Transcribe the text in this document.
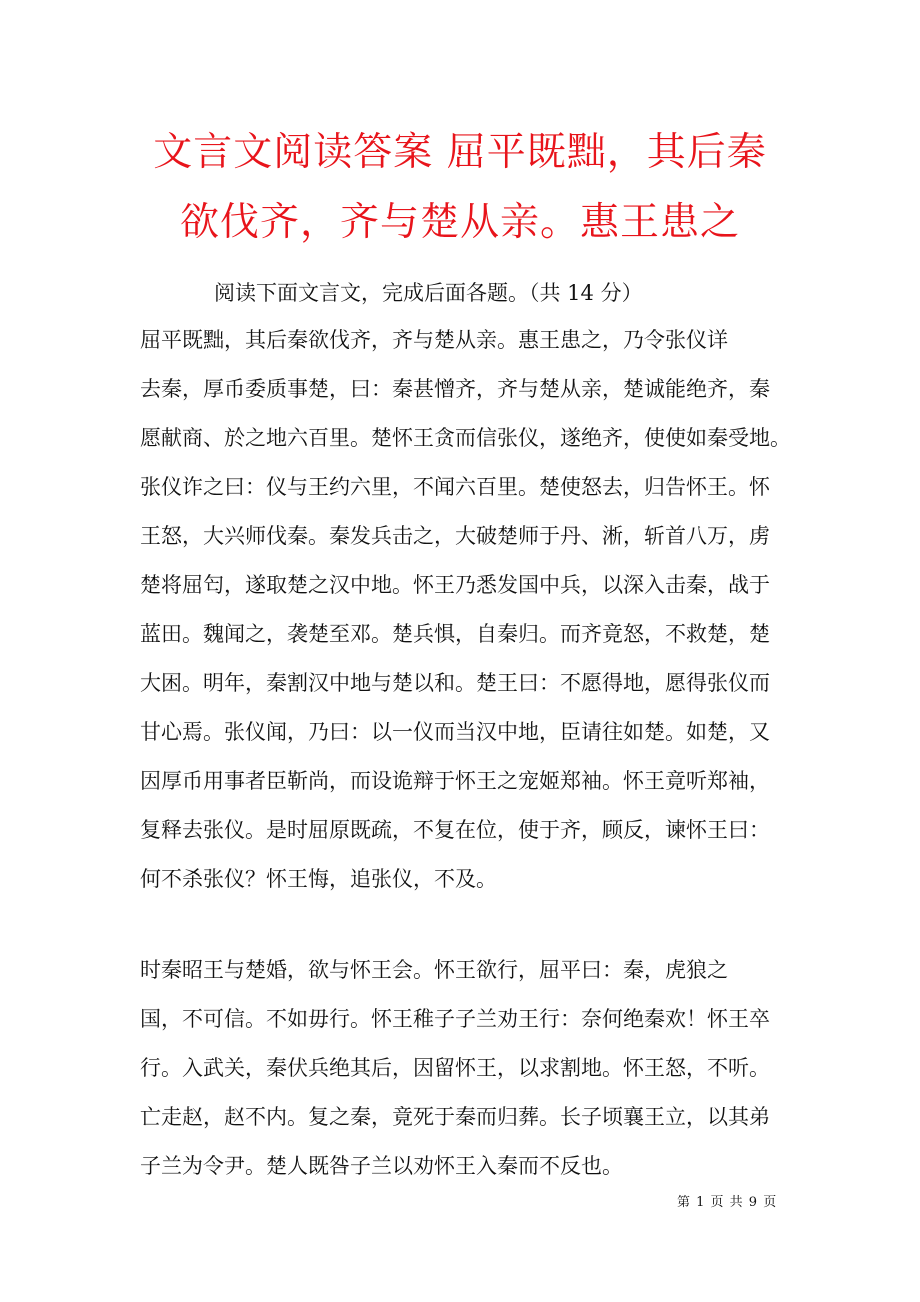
文言文阅读答案 屈平既黜，其后秦
欲伐齐，齐与楚从亲。惠王患之
阅读下面文言文，完成后面各题。（共 14 分）
屈平既黜，其后秦欲伐齐，齐与楚从亲。惠王患之，乃令张仪详
去秦，厚币委质事楚，曰：秦甚憎齐，齐与楚从亲，楚诚能绝齐，秦
愿献商、於之地六百里。楚怀王贪而信张仪，遂绝齐，使使如秦受地。
张仪诈之曰：仪与王约六里，不闻六百里。楚使怒去，归告怀王。怀
王怒，大兴师伐秦。秦发兵击之，大破楚师于丹、淅，斩首八万，虏
楚将屈匄，遂取楚之汉中地。怀王乃悉发国中兵，以深入击秦，战于
蓝田。魏闻之，袭楚至邓。楚兵惧，自秦归。而齐竟怒，不救楚，楚
大困。明年，秦割汉中地与楚以和。楚王曰：不愿得地，愿得张仪而
甘心焉。张仪闻，乃曰：以一仪而当汉中地，臣请往如楚。如楚，又
因厚币用事者臣靳尚，而设诡辩于怀王之宠姬郑袖。怀王竟听郑袖，
复释去张仪。是时屈原既疏，不复在位，使于齐，顾反，谏怀王曰：
何不杀张仪？怀王悔，追张仪，不及。
时秦昭王与楚婚，欲与怀王会。怀王欲行，屈平曰：秦，虎狼之
国，不可信。不如毋行。怀王稚子子兰劝王行：奈何绝秦欢！怀王卒
行。入武关，秦伏兵绝其后，因留怀王，以求割地。怀王怒，不听。
亡走赵，赵不内。复之秦，竟死于秦而归葬。长子顷襄王立，以其弟
子兰为令尹。楚人既咎子兰以劝怀王入秦而不反也。
第 1 页 共 9 页
